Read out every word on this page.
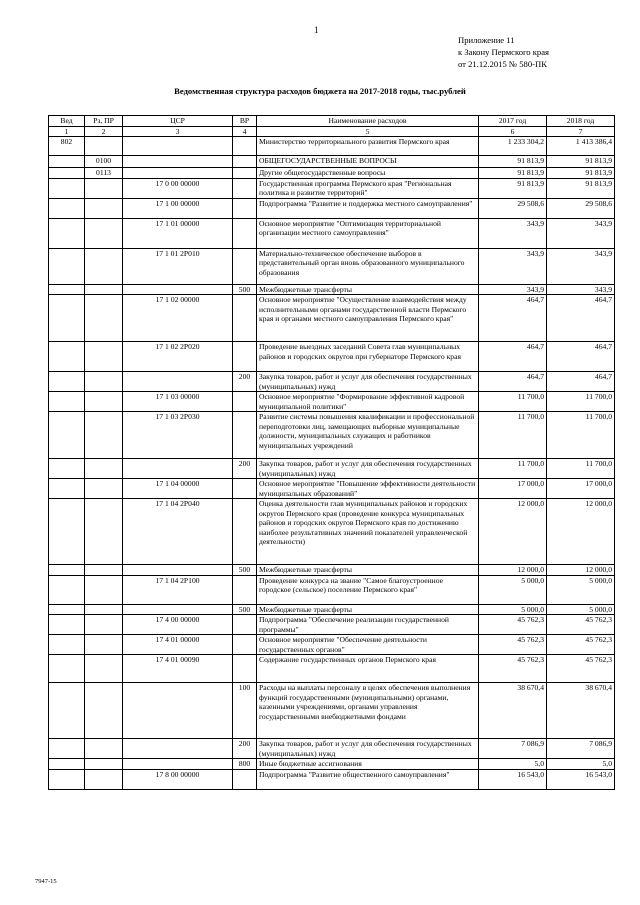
1
Приложение 11
к Закону Пермского края
от 21.12.2015 № 580-ПК
Ведомственная структура расходов бюджета на 2017-2018 годы, тыс.рублей
Вед	Рз, ПР	ЦСР	ВР	Наименование расходов	2017 год	2018 год
1	2	3	4	5	6	7
802				Министерство территориального развития Пермского края	1 233 304,2	1 413 386,4
	0100			ОБЩЕГОСУДАРСТВЕННЫЕ ВОПРОСЫ	91 813,9	91 813,9
	0113			Другие общегосударственные вопросы	91 813,9	91 813,9
		17 0 00 00000		Государственная программа Пермского края "Региональная политика и развитие территорий"	91 813,9	91 813,9
		17 1 00 00000		Подпрограмма "Развитие и поддержка местного самоуправления"	29 508,6	29 508,6
		17 1 01 00000		Основное мероприятие "Оптимизация территориальной организации местного самоуправления"	343,9	343,9
		17 1 01 2Р010		Материально-техническое обеспечение выборов в представительный орган вновь образованного муниципального образования	343,9	343,9
			500	Межбюджетные трансферты	343,9	343,9
		17 1 02 00000		Основное мероприятие "Осуществление взаимодействия между исполнительными органами государственной власти Пермского края и органами местного самоуправления Пермского края"	464,7	464,7
		17 1 02 2Р020		Проведение выездных заседаний Совета глав муниципальных районов и городских округов при губернаторе Пермского края	464,7	464,7
			200	Закупка товаров, работ и услуг для обеспечения государственных (муниципальных) нужд	464,7	464,7
		17 1 03 00000		Основное мероприятие "Формирование эффективной кадровой муниципальной политики"	11 700,0	11 700,0
		17 1 03 2Р030		Развитие системы повышения квалификации и профессиональной переподготовки лиц, замещающих выборные муниципальные должности, муниципальных служащих и работников муниципальных учреждений	11 700,0	11 700,0
			200	Закупка товаров, работ и услуг для обеспечения государственных (муниципальных) нужд	11 700,0	11 700,0
		17 1 04 00000		Основное мероприятие "Повышение эффективности деятельности муниципальных образований"	17 000,0	17 000,0
		17 1 04 2Р040		Оценка деятельности глав муниципальных районов и городских округов Пермского края (проведение конкурса муниципальных районов и городских округов Пермского края по достижению наиболее результативных значений показателей управленческой деятельности)	12 000,0	12 000,0
			500	Межбюджетные трансферты	12 000,0	12 000,0
		17 1 04 2Р100		Проведение конкурса на звание "Самое благоустроенное городское (сельское) поселение Пермского края"	5 000,0	5 000,0
			500	Межбюджетные трансферты	5 000,0	5 000,0
		17 4 00 00000		Подпрограмма "Обеспечение реализации государственной программы"	45 762,3	45 762,3
		17 4 01 00000		Основное мероприятие "Обеспечение деятельности государственных органов"	45 762,3	45 762,3
		17 4 01 00090		Содержание государственных органов Пермского края	45 762,3	45 762,3
			100	Расходы на выплаты персоналу в целях обеспечения выполнения функций государственными (муниципальными) органами, казенными учреждениями, органами управления государственными внебюджетными фондами	38 670,4	38 670,4
			200	Закупка товаров, работ и услуг для обеспечения государственных (муниципальных) нужд	7 086,9	7 086,9
			800	Иные бюджетные ассигнования	5,0	5,0
		17 8 00 00000		Подпрограмма "Развитие общественного самоуправления"	16 543,0	16 543,0
7947-15
